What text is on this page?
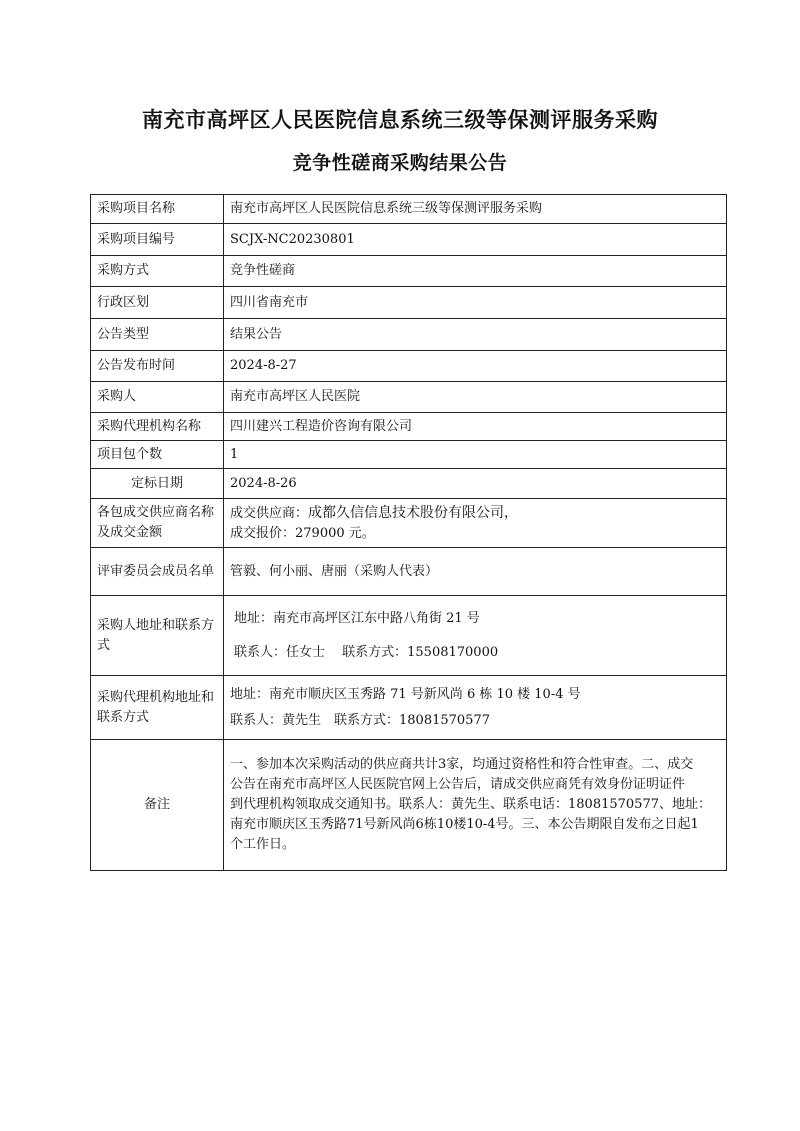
南充市高坪区人民医院信息系统三级等保测评服务采购
竞争性磋商采购结果公告
采购项目名称	南充市高坪区人民医院信息系统三级等保测评服务采购
采购项目编号	SCJX-NC20230801
采购方式	竞争性磋商
行政区划	四川省南充市
公告类型	结果公告
公告发布时间	2024-8-27
采购人	南充市高坪区人民医院
采购代理机构名称	四川建兴工程造价咨询有限公司
项目包个数	1
定标日期	2024-8-26
各包成交供应商名称及成交金额	成交供应商：成都久信信息技术股份有限公司，
成交报价：279000 元。

评审委员会成员名单	管毅、何小丽、唐丽（采购人代表）
采购人地址和联系方式	地址：南充市高坪区江东中路八角街 21 号
联系人：任女士　 联系方式：15508170000

采购代理机构地址和联系方式	地址：南充市顺庆区玉秀路 71 号新风尚 6 栋 10 楼 10-4 号
联系人：黄先生　联系方式：18081570577

备注	一、参加本次采购活动的供应商共计3家，均通过资格性和符合性审查。二、成交
公告在南充市高坪区人民医院官网上公告后，请成交供应商凭有效身份证明证件
到代理机构领取成交通知书。联系人：黄先生、联系电话：18081570577、地址：
南充市顺庆区玉秀路71号新风尚6栋10楼10-4号。三、本公告期限自发布之日起1
个工作日。
